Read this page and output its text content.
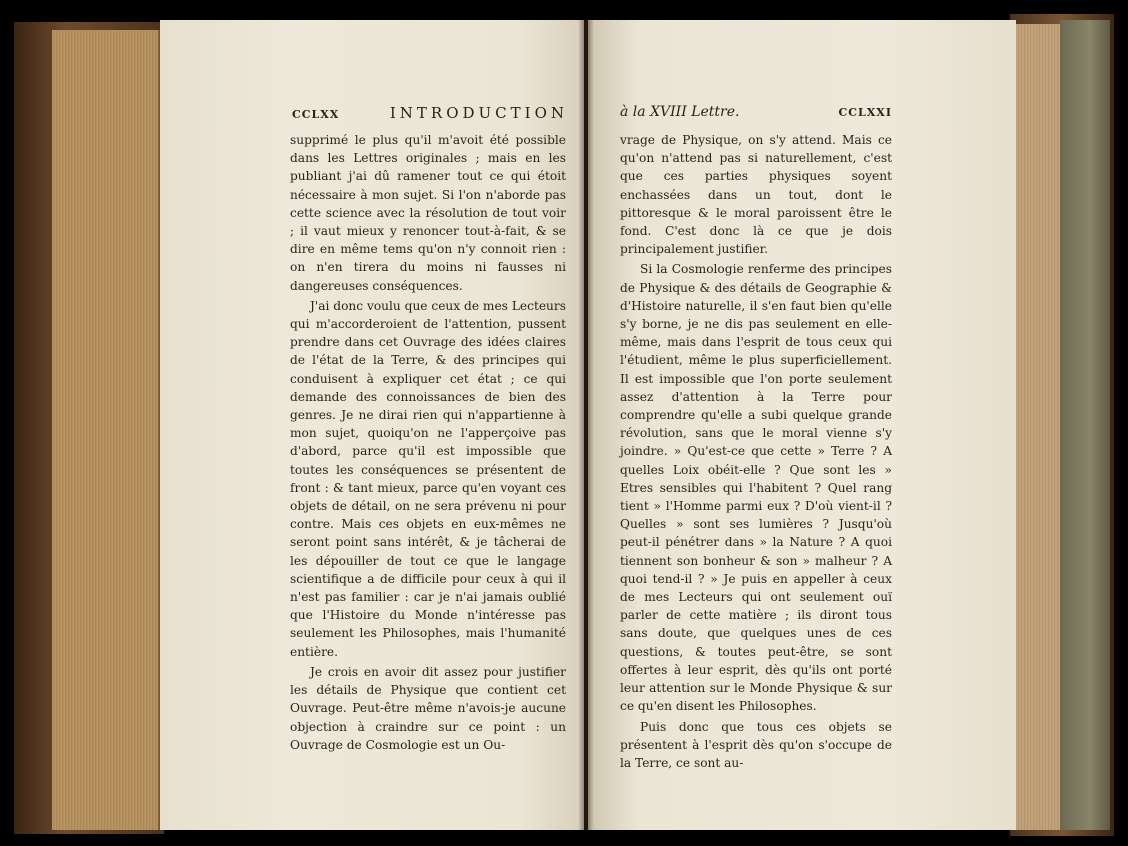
CCLXX	INTRODUCTION	à la XVIII Lettre.	CCLXXI

supprimé le plus qu'il m'avoit été possible dans les Lettres originales ; mais en les publiant j'ai dû ramener tout ce qui étoit nécessaire à mon sujet. Si l'on n'aborde pas cette science avec la résolution de tout voir ; il vaut mieux y renoncer tout-à-fait, & se dire en même tems qu'on n'y connoit rien : on n'en tirera du moins ni fausses ni dangereuses conséquences.

J'ai donc voulu que ceux de mes Lecteurs qui m'accorderoient de l'attention, pussent prendre dans cet Ouvrage des idées claires de l'état de la Terre, & des principes qui conduisent à expliquer cet état ; ce qui demande des connoissances de bien des genres. Je ne dirai rien qui n'appartienne à mon sujet, quoiqu'on ne l'apperçoive pas d'abord, parce qu'il est impossible que toutes les conséquences se présentent de front : & tant mieux, parce qu'en voyant ces objets de détail, on ne sera prévenu ni pour contre. Mais ces objets en eux-mêmes ne seront point sans intérêt, & je tâcherai de les dépouiller de tout ce que le langage scientifique a de difficile pour ceux à qui il n'est pas familier : car je n'ai jamais oublié que l'Histoire du Monde n'intéresse pas seulement les Philosophes, mais l'humanité entière.

Je crois en avoir dit assez pour justifier les détails de Physique que contient cet Ouvrage. Peut-être même n'avois-je aucune objection à craindre sur ce point : un Ouvrage de Cosmologie est un Ou-

vrage de Physique, on s'y attend. Mais ce qu'on n'attend pas si naturellement, c'est que ces parties physiques soyent enchassées dans un tout, dont le pittoresque & le moral paroissent être le fond. C'est donc là ce que je dois principalement justifier.

Si la Cosmologie renferme des principes de Physique & des détails de Geographie & d'Histoire naturelle, il s'en faut bien qu'elle s'y borne, je ne dis pas seulement en elle-même, mais dans l'esprit de tous ceux qui l'étudient, même le plus superficiellement. Il est impossible que l'on porte seulement assez d'attention à la Terre pour comprendre qu'elle a subi quelque grande révolution, sans que le moral vienne s'y joindre. » Qu'est-ce que cette » Terre ? A quelles Loix obéit-elle ? Que sont les » Etres sensibles qui l'habitent ? Quel rang tient » l'Homme parmi eux ? D'où vient-il ? Quelles » sont ses lumières ? Jusqu'où peut-il pénétrer dans » la Nature ? A quoi tiennent son bonheur & son » malheur ? A quoi tend-il ? » Je puis en appeller à ceux de mes Lecteurs qui ont seulement ouï parler de cette matière ; ils diront tous sans doute, que quelques unes de ces questions, & toutes peut-être, se sont offertes à leur esprit, dès qu'ils ont porté leur attention sur le Monde Physique & sur ce qu'en disent les Philosophes.

Puis donc que tous ces objets se présentent à l'esprit dès qu'on s'occupe de la Terre, ce sont au-
